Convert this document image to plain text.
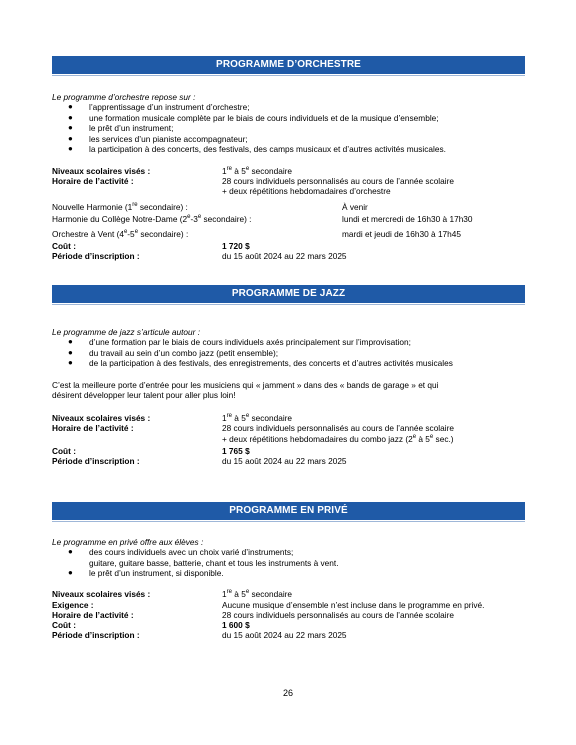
PROGRAMME D’ORCHESTRE
Le programme d’orchestre repose sur :
● l’apprentissage d’un instrument d’orchestre;
● une formation musicale complète par le biais de cours individuels et de la musique d’ensemble;
● le prêt d’un instrument;
● les services d’un pianiste accompagnateur;
● la participation à des concerts, des festivals, des camps musicaux et d’autres activités musicales.
Niveaux scolaires visés :	1re à 5e secondaire
Horaire de l’activité :	28 cours individuels personnalisés au cours de l’année scolaire
+ deux répétitions hebdomadaires d’orchestre
Nouvelle Harmonie (1re secondaire) :	À venir
Harmonie du Collège Notre-Dame (2e-3e secondaire) :	lundi et mercredi de 16h30 à 17h30
Orchestre à Vent (4e-5e secondaire) :	mardi et jeudi de 16h30 à 17h45
Coût :	1 720 $
Période d’inscription :	du 15 août 2024 au 22 mars 2025
PROGRAMME DE JAZZ
Le programme de jazz s’articule autour :
● d’une formation par le biais de cours individuels axés principalement sur l’improvisation;
● du travail au sein d’un combo jazz (petit ensemble);
● de la participation à des festivals, des enregistrements, des concerts et d’autres activités musicales
C’est la meilleure porte d’entrée pour les musiciens qui « jamment » dans des « bands de garage » et qui
désirent développer leur talent pour aller plus loin!
Niveaux scolaires visés :	1re à 5e secondaire
Horaire de l’activité :	28 cours individuels personnalisés au cours de l’année scolaire
+ deux répétitions hebdomadaires du combo jazz (2e à 5e sec.)
Coût :	1 765 $
Période d’inscription :	du 15 août 2024 au 22 mars 2025
PROGRAMME EN PRIVÉ
Le programme en privé offre aux élèves :
● des cours individuels avec un choix varié d’instruments;
guitare, guitare basse, batterie, chant et tous les instruments à vent.
● le prêt d’un instrument, si disponible.
Niveaux scolaires visés :	1re à 5e secondaire
Exigence :	Aucune musique d’ensemble n’est incluse dans le programme en privé.
Horaire de l’activité :	28 cours individuels personnalisés au cours de l’année scolaire
Coût :	1 600 $
Période d’inscription :	du 15 août 2024 au 22 mars 2025
26
